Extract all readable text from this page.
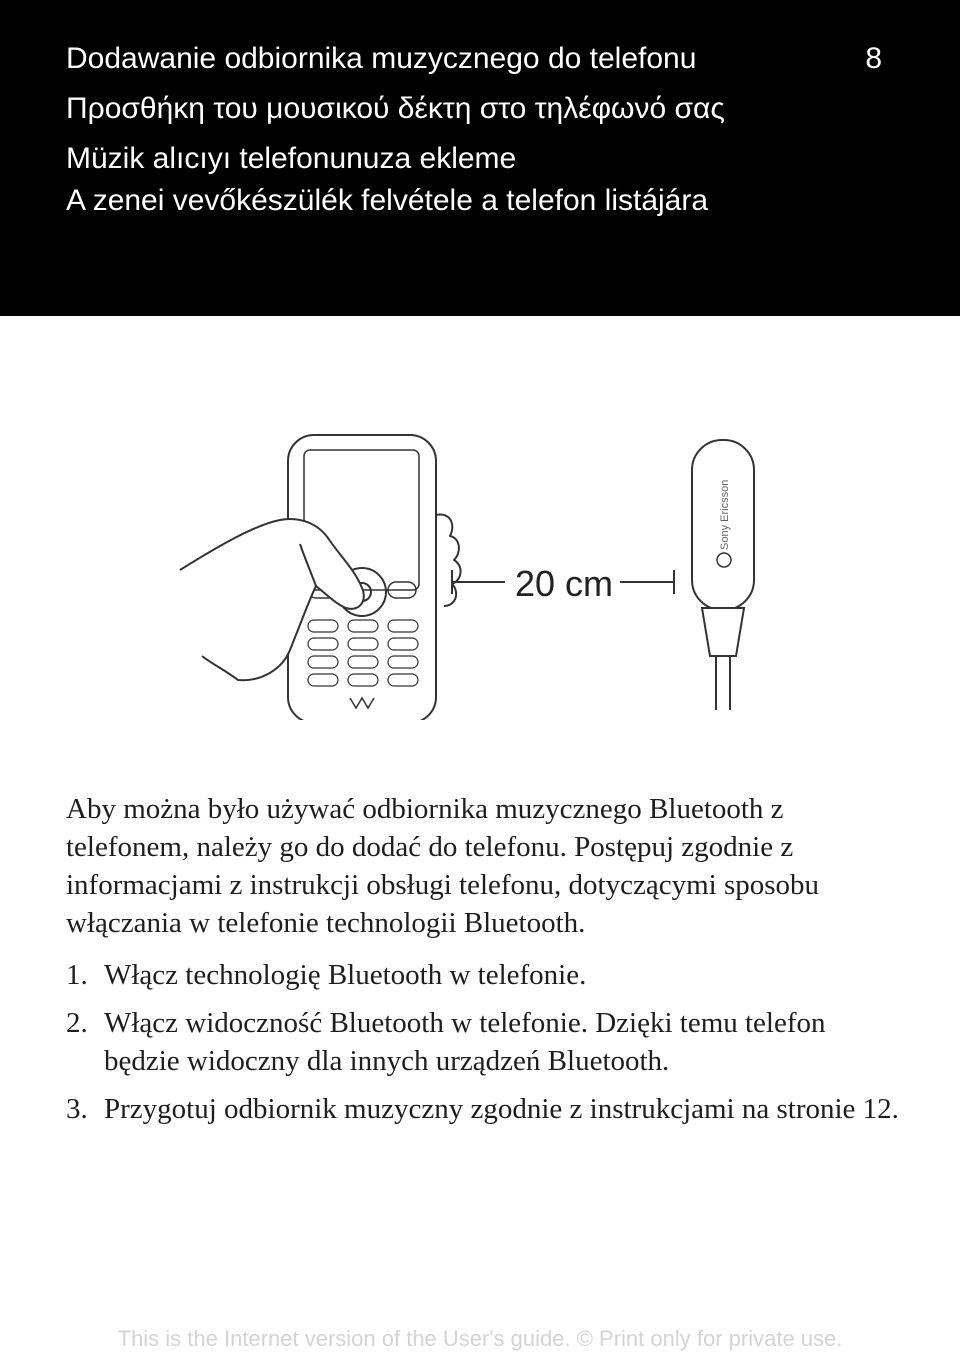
Dodawanie odbiornika muzycznego do telefonu
Προσθήκη του μουσικού δέκτη στο τηλέφωνό σας
Müzik alıcıyı telefonunuza ekleme
A zenei vevőkészülék felvétele a telefon listájára
8
20 cm
Sony Ericsson

Aby można było używać odbiornika muzycznego Bluetooth z telefonem, należy go do dodać do telefonu. Postępuj zgodnie z informacjami z instrukcji obsługi telefonu, dotyczącymi sposobu włączania w telefonie technologii Bluetooth.

1. Włącz technologię Bluetooth w telefonie.
2. Włącz widoczność Bluetooth w telefonie. Dzięki temu telefon będzie widoczny dla innych urządzeń Bluetooth.
3. Przygotuj odbiornik muzyczny zgodnie z instrukcjami na stronie 12.
This is the Internet version of the User's guide. © Print only for private use.
